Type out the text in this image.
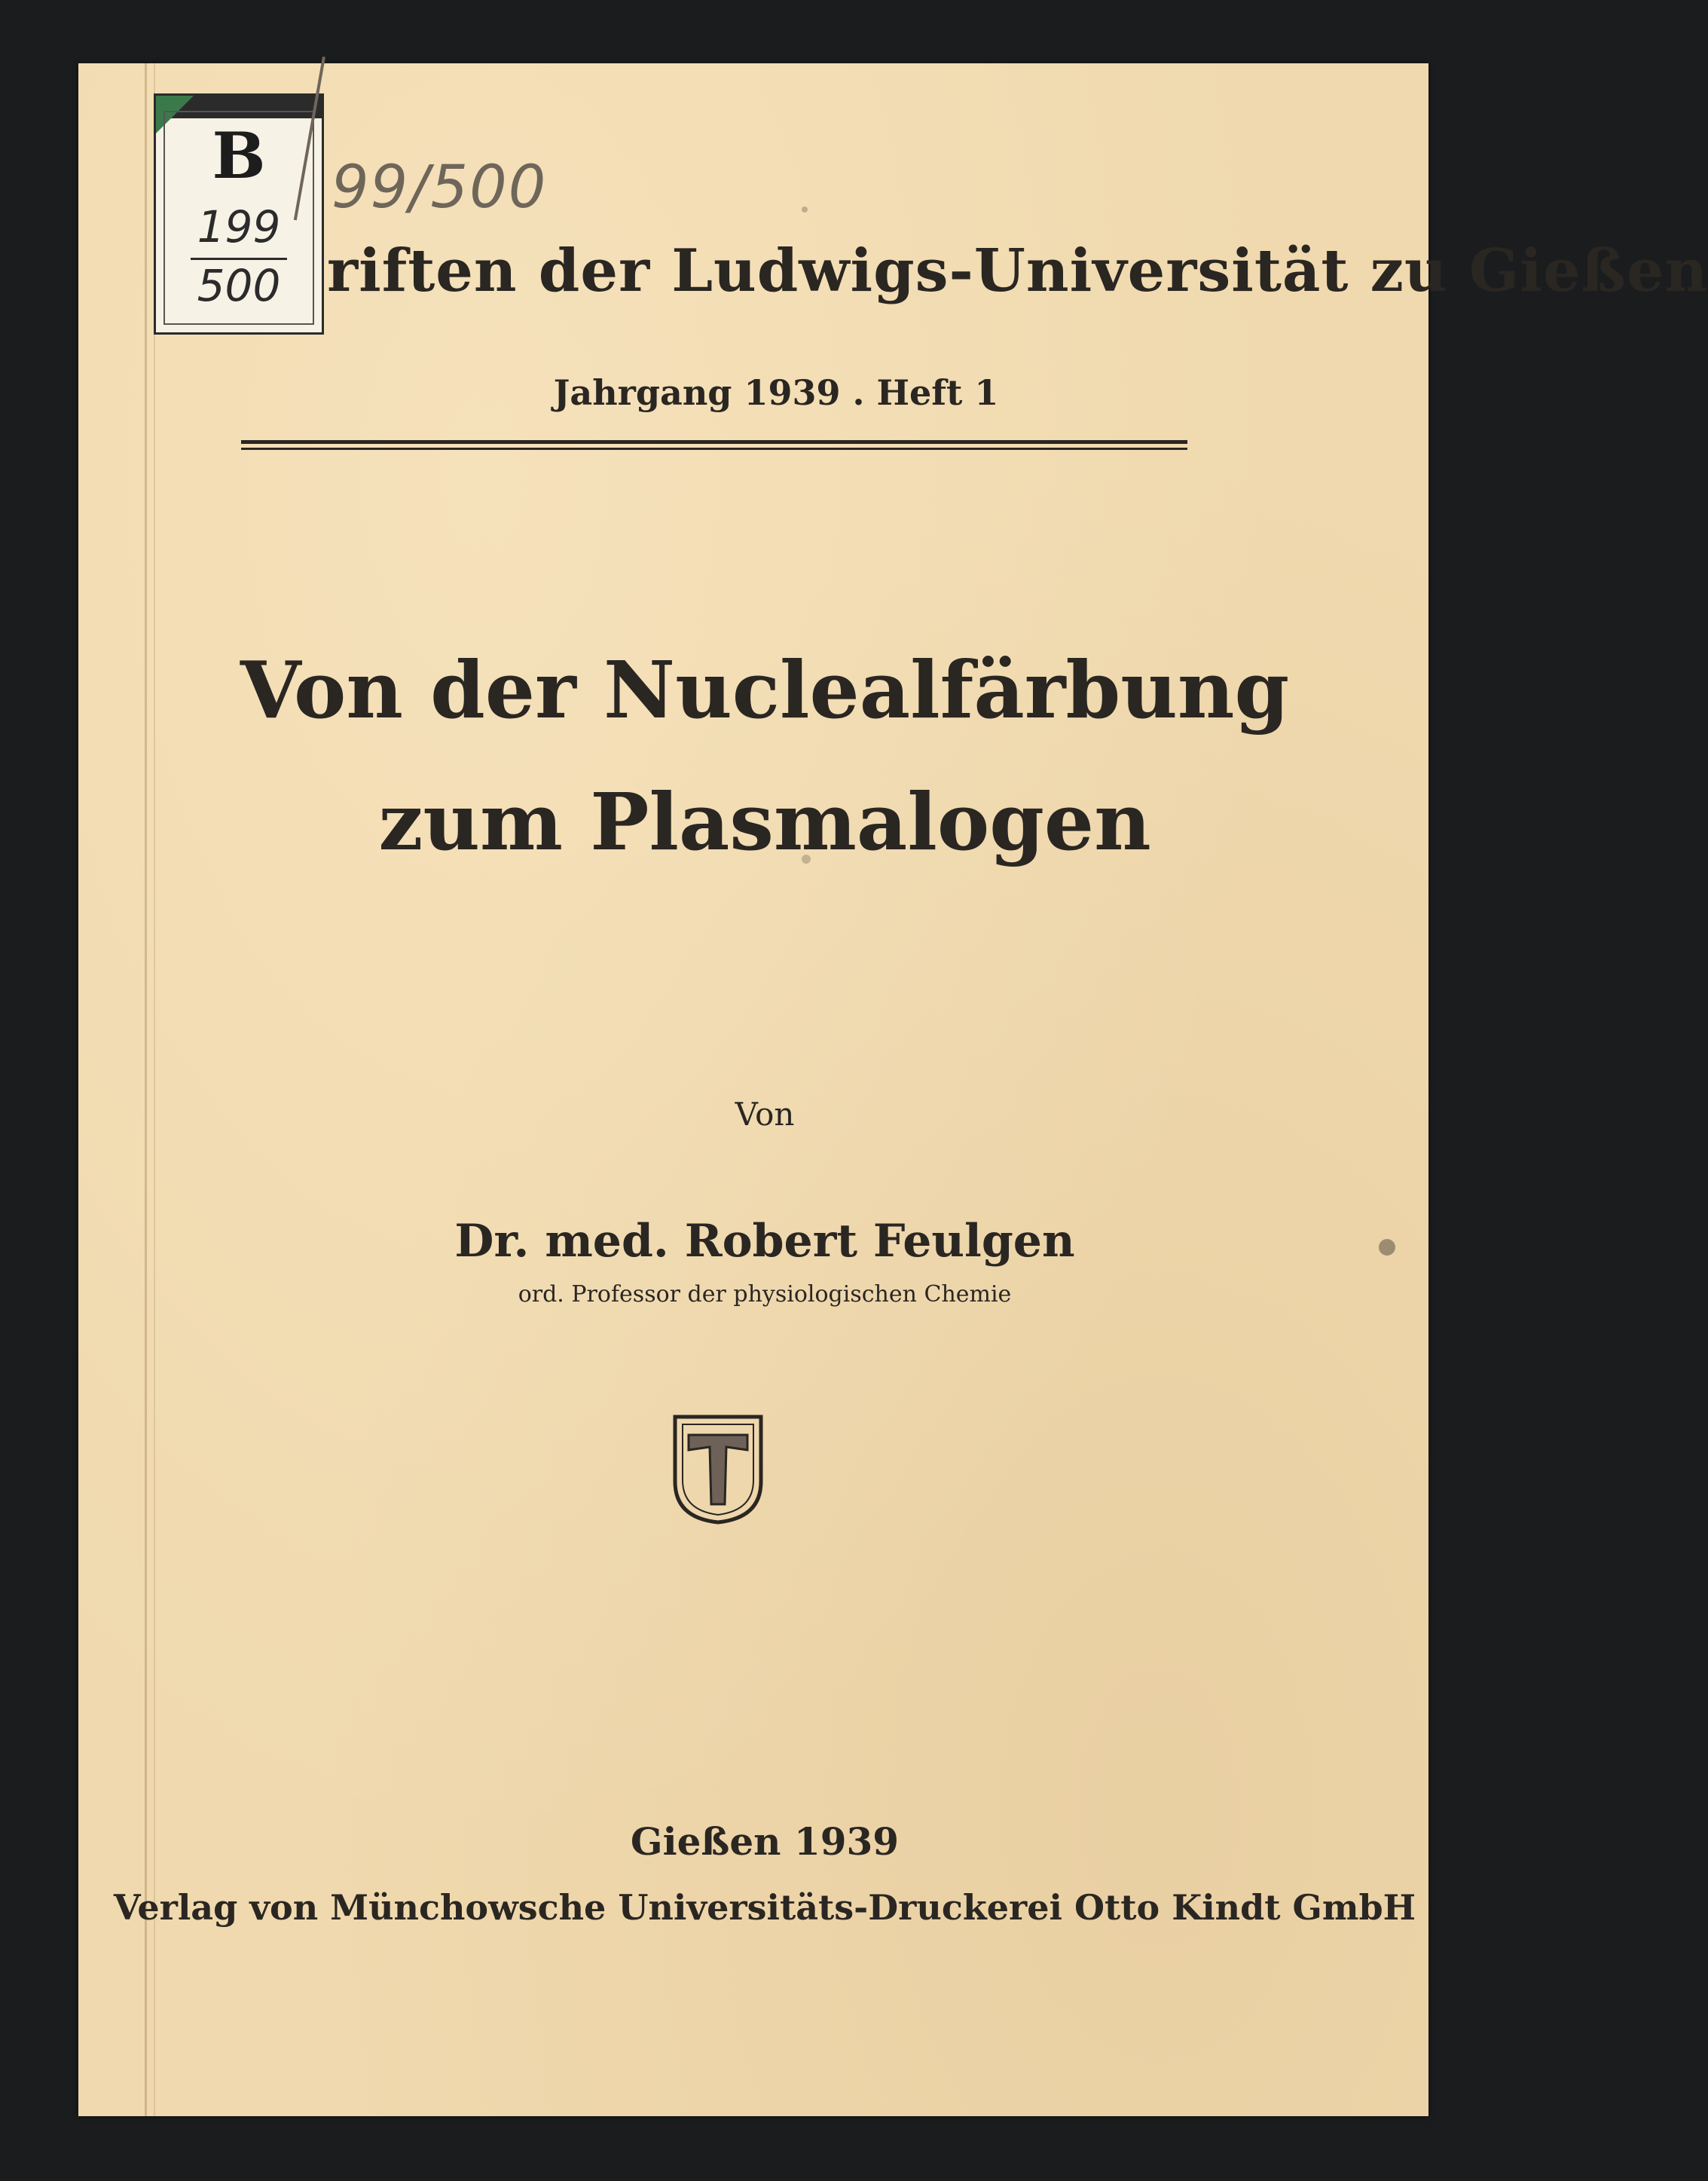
B
199
500
99/500
riften der Ludwigs-Universität zu Gießen
Jahrgang 1939 . Heft 1
Von der Nuclealfärbung
zum Plasmalogen
Von
Dr. med. Robert Feulgen
ord. Professor der physiologischen Chemie
Gießen 1939
Verlag von Münchowsche Universitäts-Druckerei Otto Kindt GmbH
